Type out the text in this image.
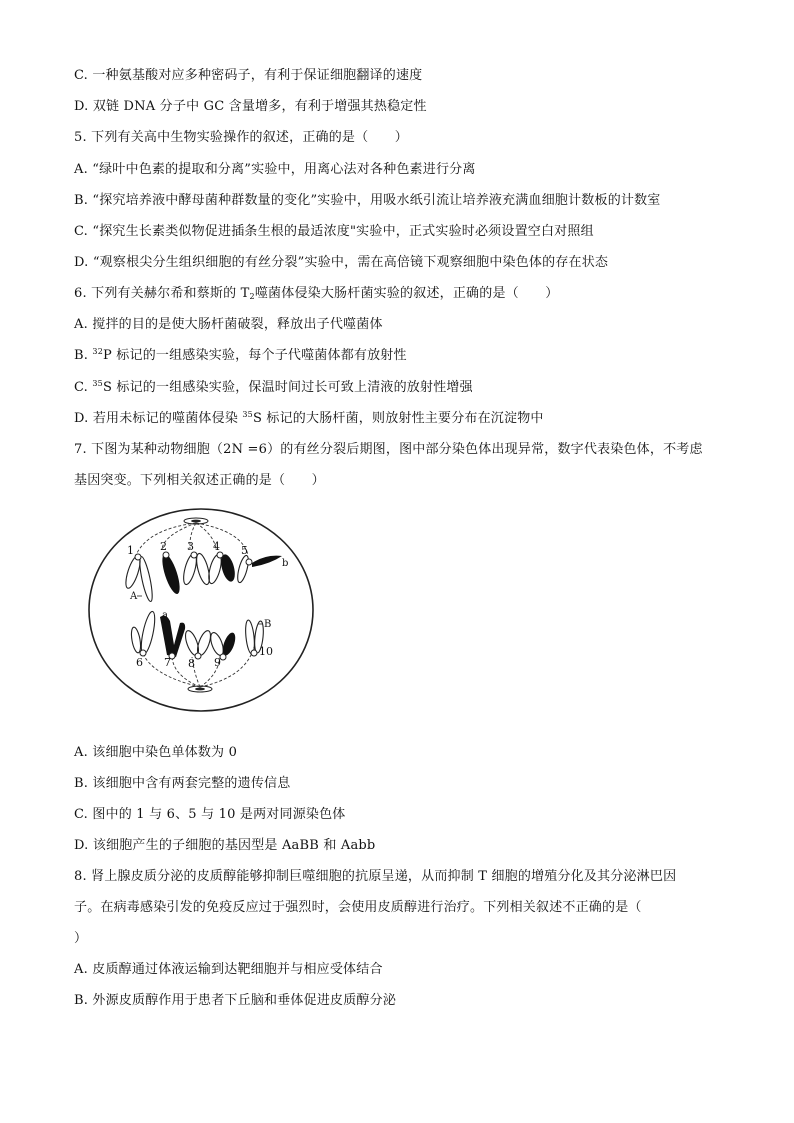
C. 一种氨基酸对应多种密码子，有利于保证细胞翻译的速度
D. 双链 DNA 分子中 GC 含量增多，有利于增强其热稳定性
5. 下列有关高中生物实验操作的叙述，正确的是（　　）
A. “绿叶中色素的提取和分离”实验中，用离心法对各种色素进行分离
B. “探究培养液中酵母菌种群数量的变化”实验中，用吸水纸引流让培养液充满血细胞计数板的计数室
C. “探究生长素类似物促进插条生根的最适浓度"实验中，正式实验时必须设置空白对照组
D. “观察根尖分生组织细胞的有丝分裂”实验中，需在高倍镜下观察细胞中染色体的存在状态
6. 下列有关赫尔希和蔡斯的 $T_2$噬菌体侵染大肠杆菌实验的叙述，正确的是（　　）
A. 搅拌的目的是使大肠杆菌破裂，释放出子代噬菌体
B. $^{32}$P 标记的一组感染实验，每个子代噬菌体都有放射性
C. $^{35}$S 标记的一组感染实验，保温时间过长可致上清液的放射性增强
D. 若用未标记的噬菌体侵染 $^{35}$S 标记的大肠杆菌，则放射性主要分布在沉淀物中
7. 下图为某种动物细胞（2N =6）的有丝分裂后期图，图中部分染色体出现异常，数字代表染色体，不考虑
基因突变。下列相关叙述正确的是（　　）
1 2 3 4 5
6 7 8 9
10
A
a
b
B
A. 该细胞中染色单体数为 0
B. 该细胞中含有两套完整的遗传信息
C. 图中的 1 与 6、5 与 10 是两对同源染色体
D. 该细胞产生的子细胞的基因型是 AaBB 和 Aabb
8. 肾上腺皮质分泌的皮质醇能够抑制巨噬细胞的抗原呈递，从而抑制 T 细胞的增殖分化及其分泌淋巴因
子。在病毒感染引发的免疫反应过于强烈时，会使用皮质醇进行治疗。下列相关叙述不正确的是（
）
A. 皮质醇通过体液运输到达靶细胞并与相应受体结合
B. 外源皮质醇作用于患者下丘脑和垂体促进皮质醇分泌
